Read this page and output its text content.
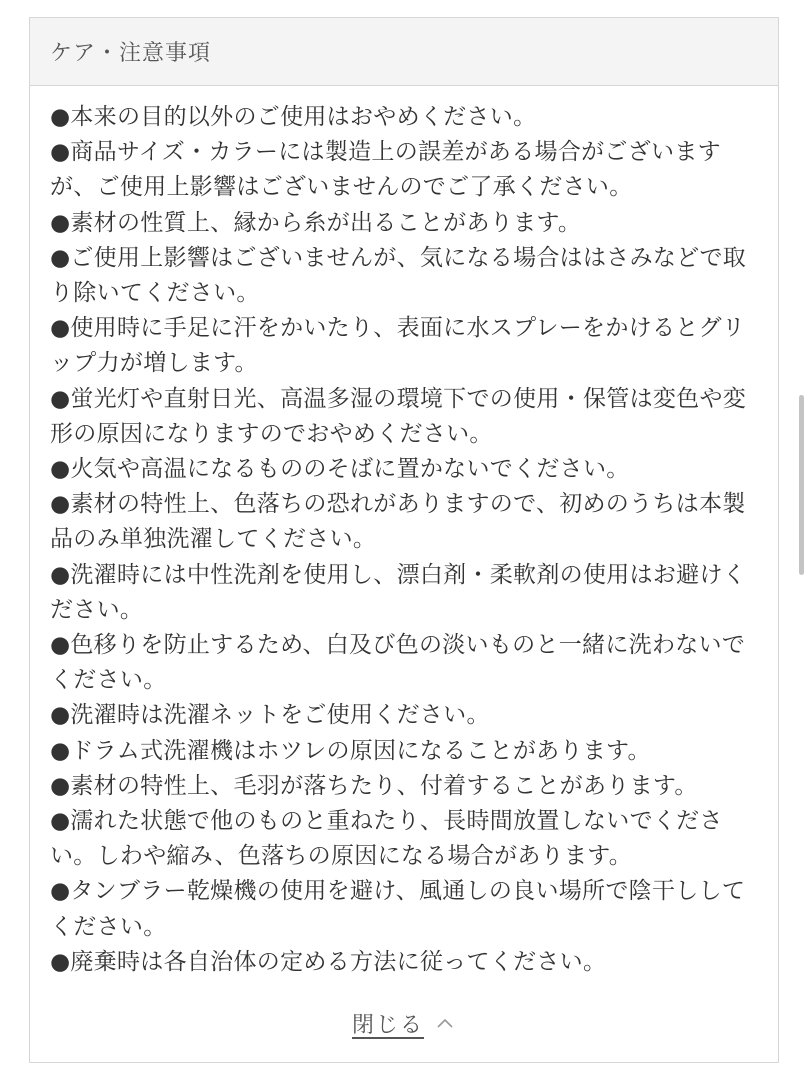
ケア・注意事項
●本来の目的以外のご使用はおやめください。
●商品サイズ・カラーには製造上の誤差がある場合がございますが、ご使用上影響はございませんのでご了承ください。
●素材の性質上、縁から糸が出ることがあります。
●ご使用上影響はございませんが、気になる場合ははさみなどで取り除いてください。
●使用時に手足に汗をかいたり、表面に水スプレーをかけるとグリップ力が増します。
●蛍光灯や直射日光、高温多湿の環境下での使用・保管は変色や変形の原因になりますのでおやめください。
●火気や高温になるもののそばに置かないでください。
●素材の特性上、色落ちの恐れがありますので、初めのうちは本製品のみ単独洗濯してください。
●洗濯時には中性洗剤を使用し、漂白剤・柔軟剤の使用はお避けください。
●色移りを防止するため、白及び色の淡いものと一緒に洗わないでください。
●洗濯時は洗濯ネットをご使用ください。
●ドラム式洗濯機はホツレの原因になることがあります。
●素材の特性上、毛羽が落ちたり、付着することがあります。
●濡れた状態で他のものと重ねたり、長時間放置しないでください。しわや縮み、色落ちの原因になる場合があります。
●タンブラー乾燥機の使用を避け、風通しの良い場所で陰干ししてください。
●廃棄時は各自治体の定める方法に従ってください。
閉じる
